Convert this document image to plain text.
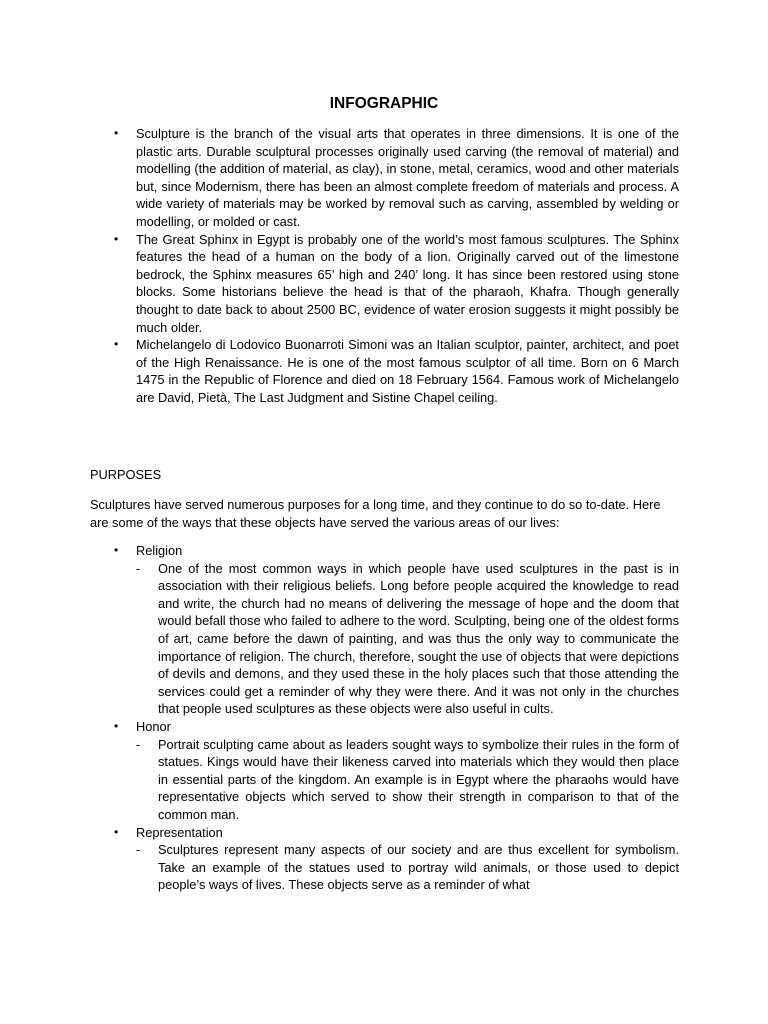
INFOGRAPHIC
• Sculpture is the branch of the visual arts that operates in three dimensions. It is one of the plastic arts. Durable sculptural processes originally used carving (the removal of material) and modelling (the addition of material, as clay), in stone, metal, ceramics, wood and other materials but, since Modernism, there has been an almost complete freedom of materials and process. A wide variety of materials may be worked by removal such as carving, assembled by welding or modelling, or molded or cast.
• The Great Sphinx in Egypt is probably one of the world’s most famous sculptures. The Sphinx features the head of a human on the body of a lion. Originally carved out of the limestone bedrock, the Sphinx measures 65’ high and 240’ long. It has since been restored using stone blocks. Some historians believe the head is that of the pharaoh, Khafra. Though generally thought to date back to about 2500 BC, evidence of water erosion suggests it might possibly be much older.
• Michelangelo di Lodovico Buonarroti Simoni was an Italian sculptor, painter, architect, and poet of the High Renaissance. He is one of the most famous sculptor of all time. Born on 6 March 1475 in the Republic of Florence and died on 18 February 1564. Famous work of Michelangelo are David, Pietà, The Last Judgment and Sistine Chapel ceiling.
PURPOSES

Sculptures have served numerous purposes for a long time, and they continue to do so to-date. Here are some of the ways that these objects have served the various areas of our lives:

• Religion
- One of the most common ways in which people have used sculptures in the past is in association with their religious beliefs. Long before people acquired the knowledge to read and write, the church had no means of delivering the message of hope and the doom that would befall those who failed to adhere to the word. Sculpting, being one of the oldest forms of art, came before the dawn of painting, and was thus the only way to communicate the importance of religion. The church, therefore, sought the use of objects that were depictions of devils and demons, and they used these in the holy places such that those attending the services could get a reminder of why they were there. And it was not only in the churches that people used sculptures as these objects were also useful in cults.
• Honor
- Portrait sculpting came about as leaders sought ways to symbolize their rules in the form of statues. Kings would have their likeness carved into materials which they would then place in essential parts of the kingdom. An example is in Egypt where the pharaohs would have representative objects which served to show their strength in comparison to that of the common man.
• Representation
- Sculptures represent many aspects of our society and are thus excellent for symbolism. Take an example of the statues used to portray wild animals, or those used to depict people’s ways of lives. These objects serve as a reminder of what
